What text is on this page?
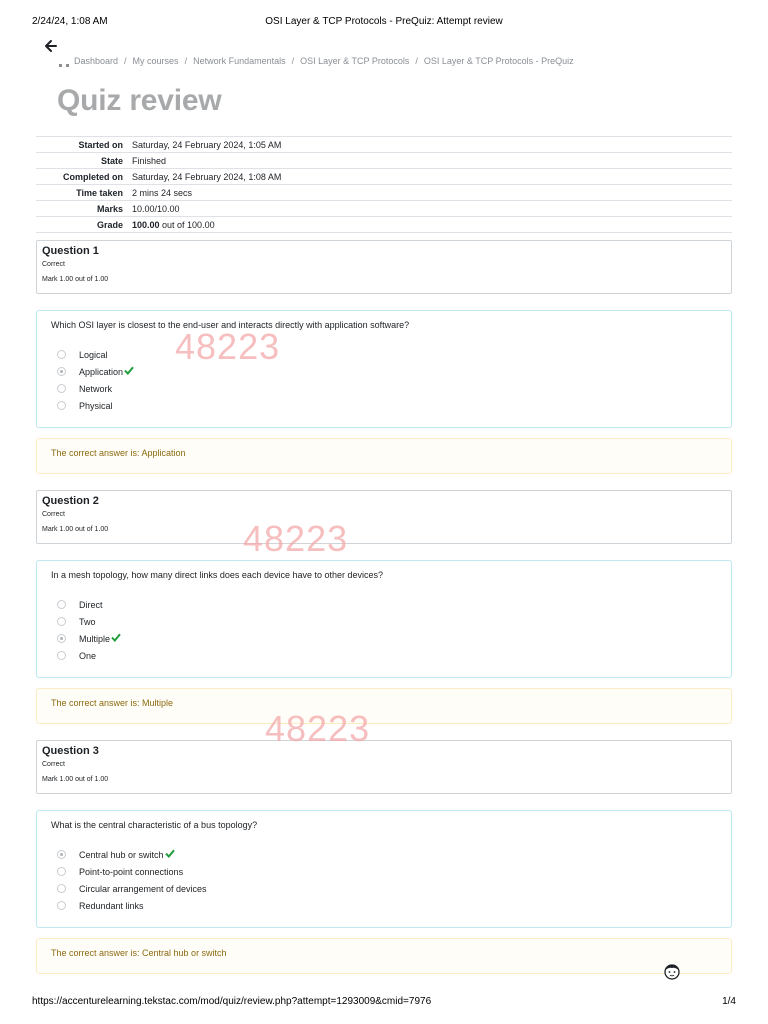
2/24/24, 1:08 AM	OSI Layer & TCP Protocols - PreQuiz: Attempt review
Dashboard / My courses / Network Fundamentals / OSI Layer & TCP Protocols / OSI Layer & TCP Protocols - PreQuiz
Quiz review
Started on	Saturday, 24 February 2024, 1:05 AM
State	Finished
Completed on	Saturday, 24 February 2024, 1:08 AM
Time taken	2 mins 24 secs
Marks	10.00/10.00
Grade	100.00 out of 100.00
Question 1
Correct
Mark 1.00 out of 1.00
Which OSI layer is closest to the end-user and interacts directly with application software?
Logical
Application
Network
Physical
The correct answer is: Application
Question 2
Correct
Mark 1.00 out of 1.00
In a mesh topology, how many direct links does each device have to other devices?
Direct
Two
Multiple
One
The correct answer is: Multiple
Question 3
Correct
Mark 1.00 out of 1.00
What is the central characteristic of a bus topology?
Central hub or switch
Point-to-point connections
Circular arrangement of devices
Redundant links
The correct answer is: Central hub or switch
48223
48223
48223
https://accenturelearning.tekstac.com/mod/quiz/review.php?attempt=1293009&cmid=7976	1/4
